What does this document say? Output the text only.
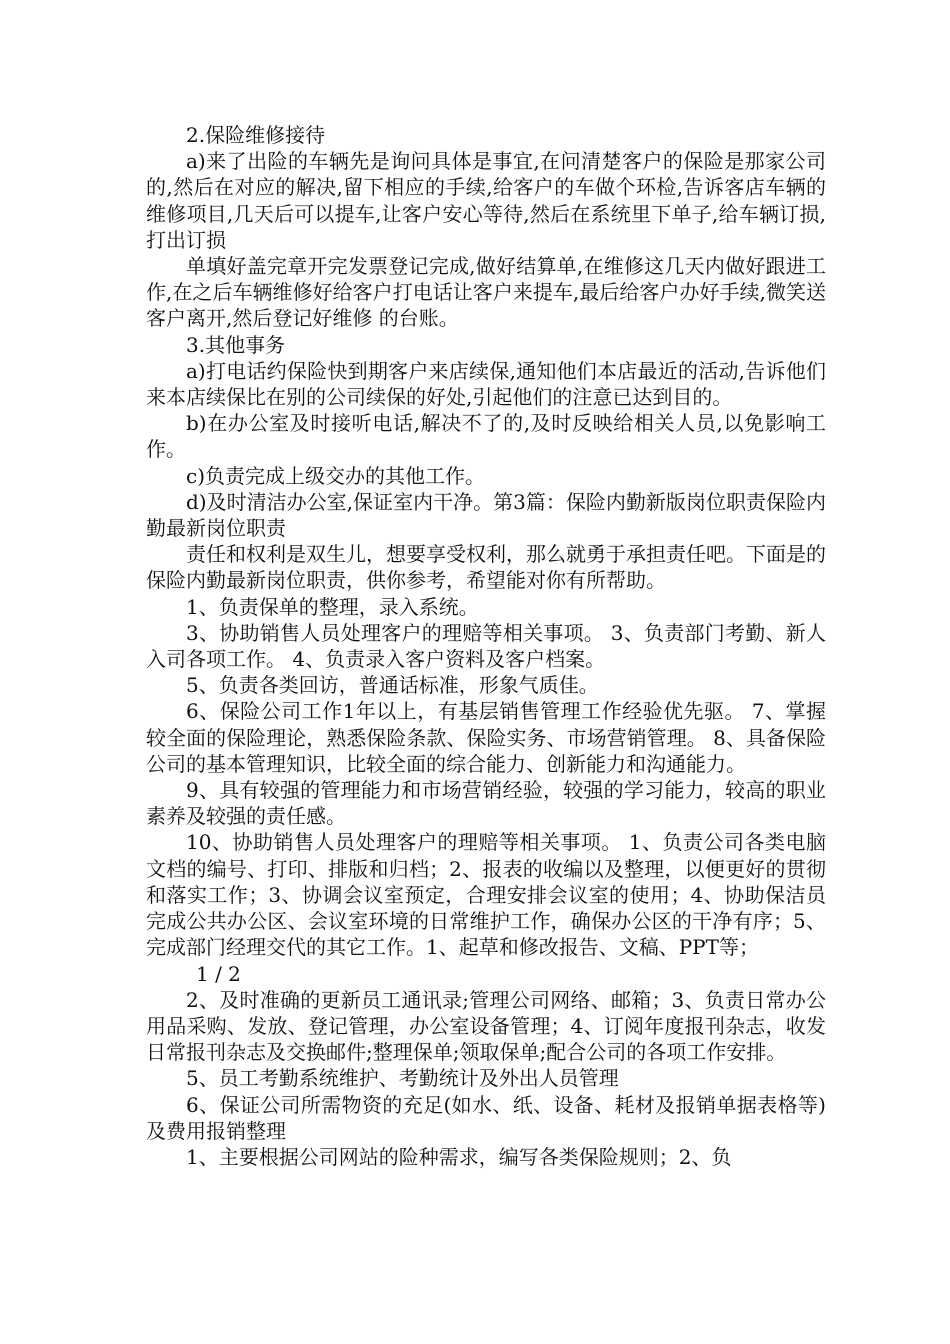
2.保险维修接待

a)来了出险的车辆先是询问具体是事宜,在问清楚客户的保险是那家公司的,然后在对应的解决,留下相应的手续,给客户的车做个环检,告诉客店车辆的维修项目,几天后可以提车,让客户安心等待,然后在系统里下单子,给车辆订损,打出订损

单填好盖完章开完发票登记完成,做好结算单,在维修这几天内做好跟进工作,在之后车辆维修好给客户打电话让客户来提车,最后给客户办好手续,微笑送客户离开,然后登记好维修 的台账。

3.其他事务

a)打电话约保险快到期客户来店续保,通知他们本店最近的活动,告诉他们来本店续保比在别的公司续保的好处,引起他们的注意已达到目的。

b)在办公室及时接听电话,解决不了的,及时反映给相关人员,以免影响工作。

c)负责完成上级交办的其他工作。

d)及时清洁办公室,保证室内干净。第3篇：保险内勤新版岗位职责保险内勤最新岗位职责

责任和权利是双生儿，想要享受权利，那么就勇于承担责任吧。下面是的保险内勤最新岗位职责，供你参考，希望能对你有所帮助。

1、负责保单的整理，录入系统。

3、协助销售人员处理客户的理赔等相关事项。 3、负责部门考勤、新人入司各项工作。 4、负责录入客户资料及客户档案。

5、负责各类回访，普通话标准，形象气质佳。

6、保险公司工作1年以上，有基层销售管理工作经验优先驱。 7、掌握较全面的保险理论，熟悉保险条款、保险实务、市场营销管理。 8、具备保险公司的基本管理知识，比较全面的综合能力、创新能力和沟通能力。

9、具有较强的管理能力和市场营销经验，较强的学习能力，较高的职业素养及较强的责任感。

10、协助销售人员处理客户的理赔等相关事项。 1、负责公司各类电脑文档的编号、打印、排版和归档；2、报表的收编以及整理，以便更好的贯彻和落实工作；3、协调会议室预定，合理安排会议室的使用；4、协助保洁员完成公共办公区、会议室环境的日常维护工作，确保办公区的干净有序；5、完成部门经理交代的其它工作。1、起草和修改报告、文稿、PPT等；

1 / 2

2、及时准确的更新员工通讯录;管理公司网络、邮箱；3、负责日常办公用品采购、发放、登记管理，办公室设备管理；4、订阅年度报刊杂志，收发日常报刊杂志及交换邮件;整理保单;领取保单;配合公司的各项工作安排。

5、员工考勤系统维护、考勤统计及外出人员管理

6、保证公司所需物资的充足(如水、纸、设备、耗材及报销单据表格等)及费用报销整理

1、主要根据公司网站的险种需求，编写各类保险规则；2、负
